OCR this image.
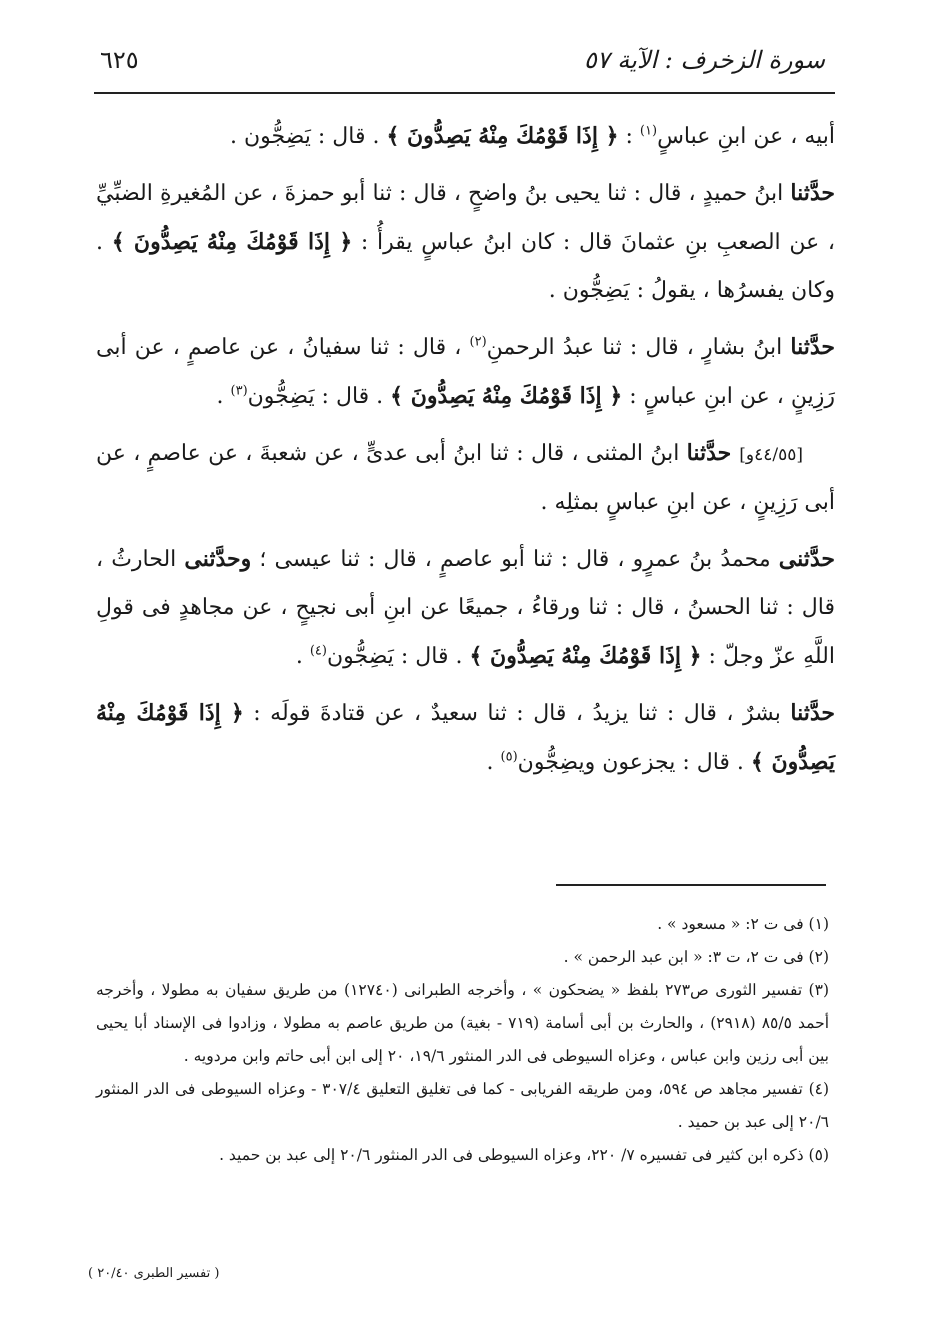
سورة الزخرف : الآية ٥٧
٦٢٥

أبيه ، عن ابنِ عباسٍ$^{(١)}$ : ﴿ إِذَا قَوْمُكَ مِنْهُ يَصِدُّونَ ﴾ . قال : يَضِجُّون .

حدَّثنا ابنُ حميدٍ ، قال : ثنا يحيى بنُ واضحٍ ، قال : ثنا أبو حمزةَ ، عن المُغيرةِ الضبِّيِّ ، عن الصعبِ بنِ عثمانَ قال : كان ابنُ عباسٍ يقرأُ : ﴿ إِذَا قَوْمُكَ مِنْهُ يَصِدُّونَ ﴾ . وكان يفسرُها ، يقولُ : يَضِجُّون .

حدَّثنا ابنُ بشارٍ ، قال : ثنا عبدُ الرحمنِ$^{(٢)}$ ، قال : ثنا سفيانُ ، عن عاصمٍ ، عن أبى رَزِينٍ ، عن ابنِ عباسٍ : ﴿ إِذَا قَوْمُكَ مِنْهُ يَصِدُّونَ ﴾ . قال : يَضِجُّون$^{(٣)}$ .

[٤٤/٥٥و] حدَّثنا ابنُ المثنى ، قال : ثنا ابنُ أبى عدىٍّ ، عن شعبةَ ، عن عاصمٍ ، عن أبى رَزِينٍ ، عن ابنِ عباسٍ بمثلِه .

حدَّثنى محمدُ بنُ عمرٍو ، قال : ثنا أبو عاصمٍ ، قال : ثنا عيسى ؛ وحدَّثنى الحارثُ ، قال : ثنا الحسنُ ، قال : ثنا ورقاءُ ، جميعًا عن ابنِ أبى نجيحٍ ، عن مجاهدٍ فى قولِ اللَّهِ عزّ وجلّ : ﴿ إِذَا قَوْمُكَ مِنْهُ يَصِدُّونَ ﴾ . قال : يَضِجُّون$^{(٤)}$ .

حدَّثنا بشرٌ ، قال : ثنا يزيدُ ، قال : ثنا سعيدٌ ، عن قتادةَ قولَه : ﴿ إِذَا قَوْمُكَ مِنْهُ يَصِدُّونَ ﴾ . قال : يجزعون ويضِجُّون$^{(٥)}$ .

(١) فى ت ٢: « مسعود » .

(٢) فى ت ٢، ت ٣: « ابن عبد الرحمن » .

(٣) تفسير الثورى ص٢٧٣ بلفظ « يضحكون » ، وأخرجه الطبرانى (١٢٧٤٠) من طريق سفيان به مطولا ، وأخرجه أحمد ٨٥/٥ (٢٩١٨) ، والحارث بن أبى أسامة (٧١٩ - بغية) من طريق عاصم به مطولا ، وزادوا فى الإسناد أبا يحيى بين أبى رزين وابن عباس ، وعزاه السيوطى فى الدر المنثور ١٩/٦، ٢٠ إلى ابن أبى حاتم وابن مردويه .

(٤) تفسير مجاهد ص ٥٩٤، ومن طريقه الفريابى - كما فى تغليق التعليق ٣٠٧/٤ - وعزاه السيوطى فى الدر المنثور ٢٠/٦ إلى عبد بن حميد .

(٥) ذكره ابن كثير فى تفسيره ٧/ ٢٢٠، وعزاه السيوطى فى الدر المنثور ٢٠/٦ إلى عبد بن حميد .

( تفسير الطبرى ٢٠/٤٠ )
